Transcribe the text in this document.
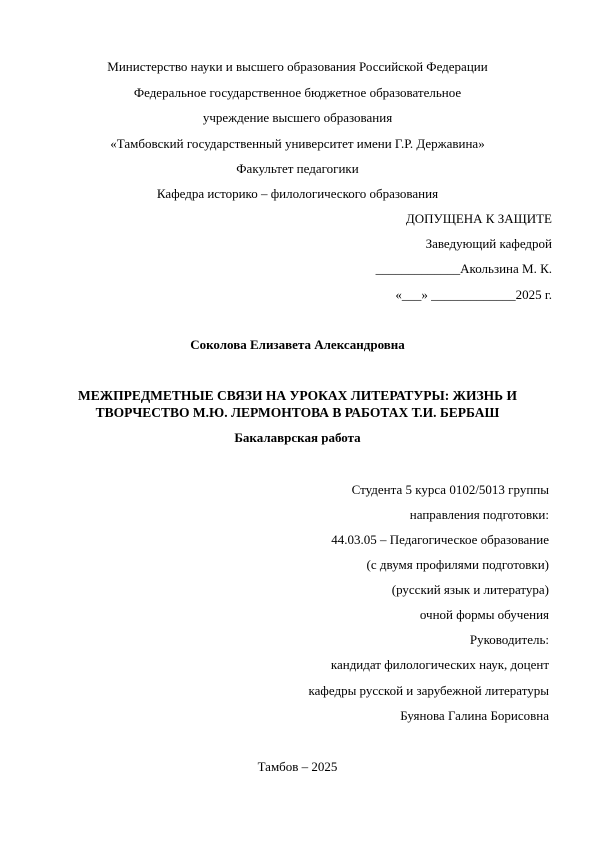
Министерство науки и высшего образования Российской Федерации
Федеральное государственное бюджетное образовательное
учреждение высшего образования
«Тамбовский государственный университет имени Г.Р. Державина»
Факультет педагогики
Кафедра историко – филологического образования
ДОПУЩЕНА К ЗАЩИТЕ
Заведующий кафедрой
_____________Акользина М. К.
«___» _____________2025 г.
Соколова Елизавета Александровна
МЕЖПРЕДМЕТНЫЕ СВЯЗИ НА УРОКАХ ЛИТЕРАТУРЫ: ЖИЗНЬ И
ТВОРЧЕСТВО М.Ю. ЛЕРМОНТОВА В РАБОТАХ Т.И. БЕРБАШ
Бакалаврская работа
Студента 5 курса 0102/5013 группы
направления подготовки:
44.03.05 – Педагогическое образование
(с двумя профилями подготовки)
(русский язык и литература)
очной формы обучения
Руководитель:
кандидат филологических наук, доцент
кафедры русской и зарубежной литературы
Буянова Галина Борисовна
Тамбов – 2025
